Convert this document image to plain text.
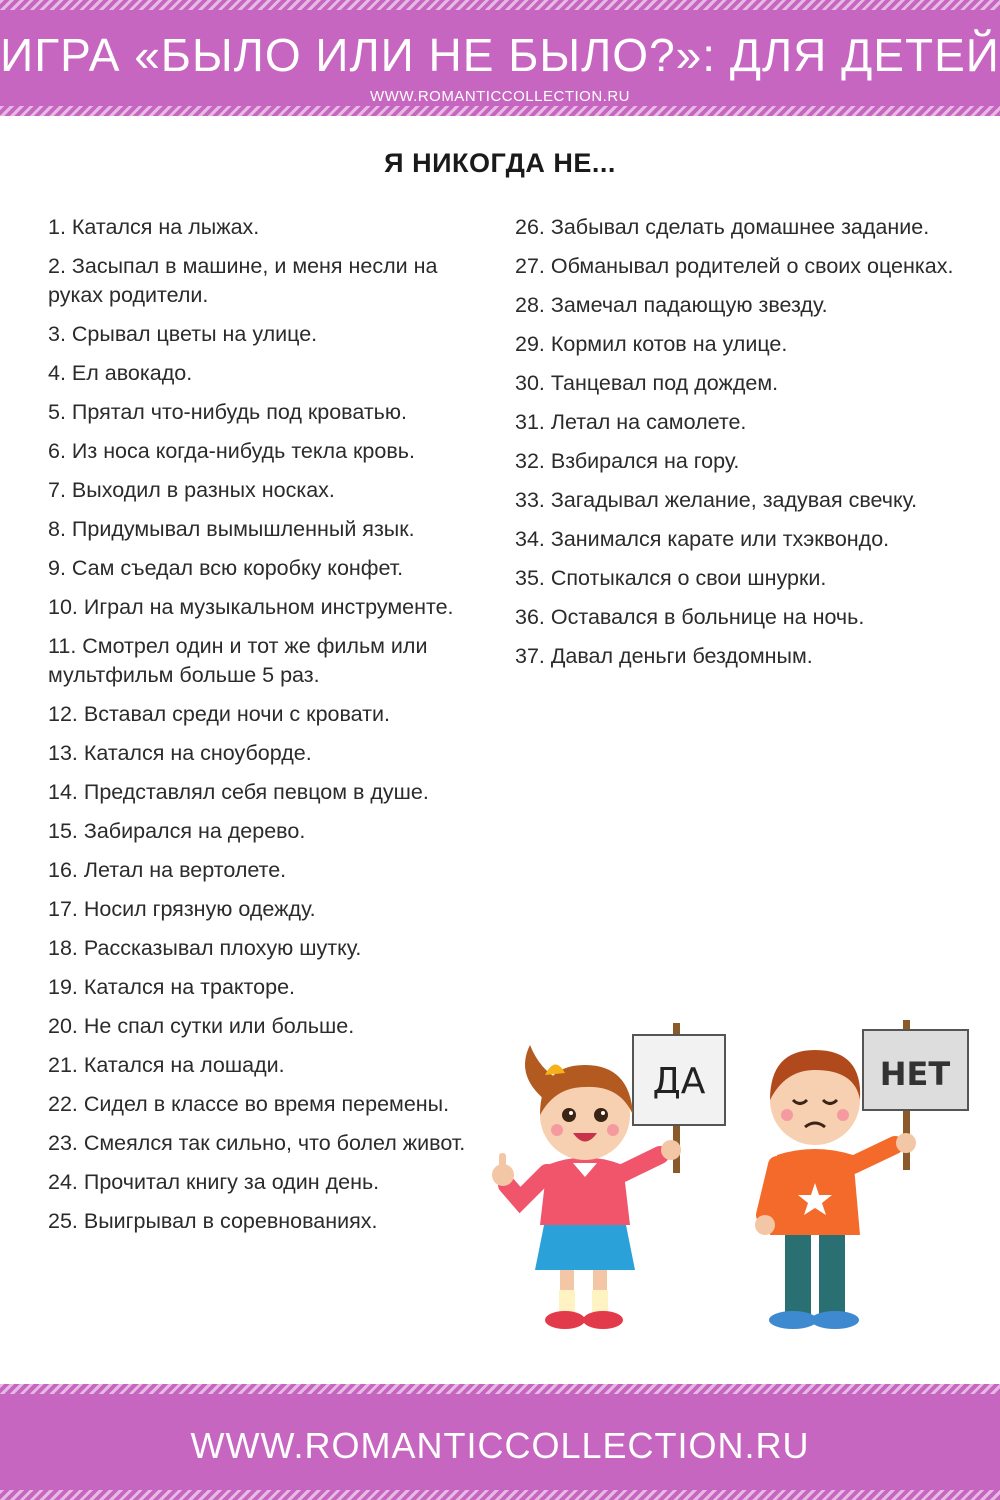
ИГРА «БЫЛО ИЛИ НЕ БЫЛО?»: ДЛЯ ДЕТЕЙ
WWW.ROMANTICCOLLECTION.RU
Я НИКОГДА НЕ...
1. Катался на лыжах.
2. Засыпал в машине, и меня несли на руках родители.
3. Срывал цветы на улице.
4. Ел авокадо.
5. Прятал что-нибудь под кроватью.
6. Из носа когда-нибудь текла кровь.
7. Выходил в разных носках.
8. Придумывал вымышленный язык.
9. Сам съедал всю коробку конфет.
10. Играл на музыкальном инструменте.
11. Смотрел один и тот же фильм или мультфильм больше 5 раз.
12. Вставал среди ночи с кровати.
13. Катался на сноуборде.
14. Представлял себя певцом в душе.
15. Забирался на дерево.
16. Летал на вертолете.
17. Носил грязную одежду.
18. Рассказывал плохую шутку.
19. Катался на тракторе.
20. Не спал сутки или больше.
21. Катался на лошади.
22. Сидел в классе во время перемены.
23. Смеялся так сильно, что болел живот.
24. Прочитал книгу за один день.
25. Выигрывал в соревнованиях.
26. Забывал сделать домашнее задание.
27. Обманывал родителей о своих оценках.
28. Замечал падающую звезду.
29. Кормил котов на улице.
30. Танцевал под дождем.
31. Летал на самолете.
32. Взбирался на гору.
33. Загадывал желание, задувая свечку.
34. Занимался карате или тхэквондо.
35. Спотыкался о свои шнурки.
36. Оставался в больнице на ночь.
37. Давал деньги бездомным.
ДА	НЕТ
WWW.ROMANTICCOLLECTION.RU
